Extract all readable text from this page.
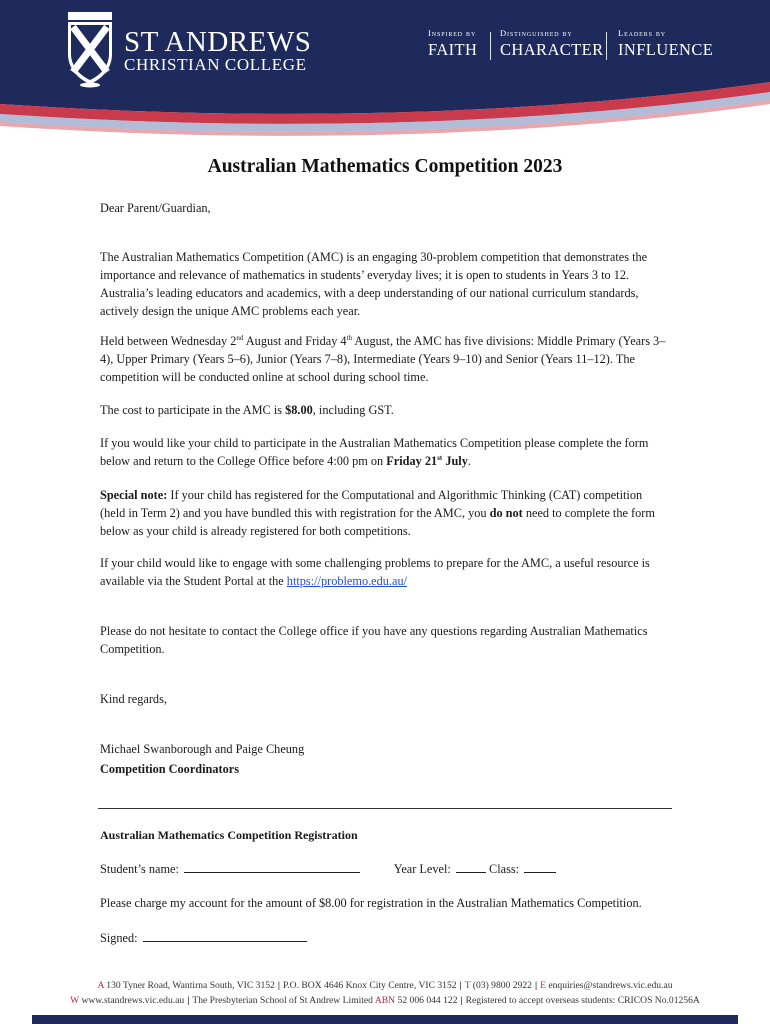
ST ANDREWS
CHRISTIAN COLLEGE
Inspired by
FAITH
Distinguished by
CHARACTER
Leaders by
INFLUENCE
Australian Mathematics Competition 2023
Dear Parent/Guardian,
The Australian Mathematics Competition (AMC) is an engaging 30-problem competition that demonstrates the importance and relevance of mathematics in students’ everyday lives; it is open to students in Years 3 to 12. Australia’s leading educators and academics, with a deep understanding of our national curriculum standards, actively design the unique AMC problems each year.
Held between Wednesday 2nd August and Friday 4th August, the AMC has five divisions: Middle Primary (Years 3–4), Upper Primary (Years 5–6), Junior (Years 7–8), Intermediate (Years 9–10) and Senior (Years 11–12). The competition will be conducted online at school during school time.
The cost to participate in the AMC is $8.00, including GST.
If you would like your child to participate in the Australian Mathematics Competition please complete the form below and return to the College Office before 4:00 pm on Friday 21st July.
Special note: If your child has registered for the Computational and Algorithmic Thinking (CAT) competition (held in Term 2) and you have bundled this with registration for the AMC, you do not need to complete the form below as your child is already registered for both competitions.
If your child would like to engage with some challenging problems to prepare for the AMC, a useful resource is available via the Student Portal at the https://problemo.edu.au/
Please do not hesitate to contact the College office if you have any questions regarding Australian Mathematics Competition.
Kind regards,
Michael Swanborough and Paige Cheung
Competition Coordinators
Australian Mathematics Competition Registration
Student’s name:	Year Level:	Class:
Please charge my account for the amount of $8.00 for registration in the Australian Mathematics Competition.
Signed:
A 130 Tyner Road, Wantirna South, VIC 3152 | P.O. BOX 4646 Knox City Centre, VIC 3152 | T (03) 9800 2922 | E enquiries@standrews.vic.edu.au
W www.standrews.vic.edu.au | The Presbyterian School of St Andrew Limited ABN 52 006 044 122 | Registered to accept overseas students: CRICOS No.01256A
